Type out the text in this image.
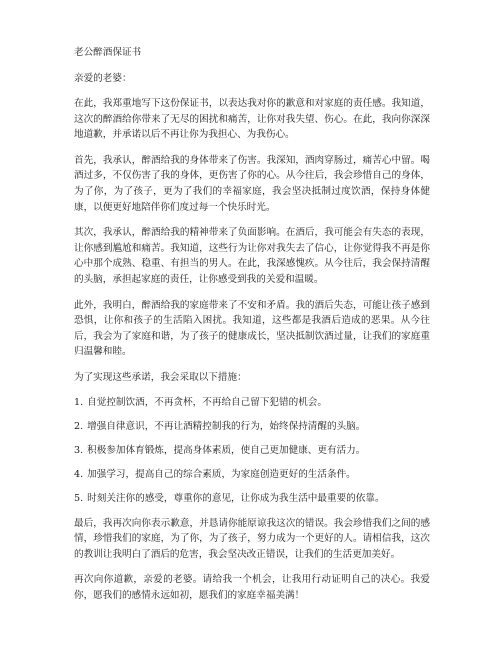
老公醉酒保证书
亲爱的老婆：

在此，我郑重地写下这份保证书，以表达我对你的歉意和对家庭的责任感。我知道，这次的醉酒给你带来了无尽的困扰和痛苦，让你对我失望、伤心。在此，我向你深深地道歉，并承诺以后不再让你为我担心、为我伤心。

首先，我承认，醉酒给我的身体带来了伤害。我深知，酒肉穿肠过，痛苦心中留。喝酒过多，不仅伤害了我的身体，更伤害了你的心。从今往后，我会珍惜自己的身体，为了你，为了孩子，更为了我们的幸福家庭，我会坚决抵制过度饮酒，保持身体健康，以便更好地陪伴你们度过每一个快乐时光。

其次，我承认，醉酒给我的精神带来了负面影响。在酒后，我可能会有失态的表现，让你感到尴尬和痛苦。我知道，这些行为让你对我失去了信心，让你觉得我不再是你心中那个成熟、稳重、有担当的男人。在此，我深感愧疚。从今往后，我会保持清醒的头脑，承担起家庭的责任，让你感受到我的关爱和温暖。

此外，我明白，醉酒给我的家庭带来了不安和矛盾。我的酒后失态，可能让孩子感到恐惧，让你和孩子的生活陷入困扰。我知道，这些都是我酒后造成的恶果。从今往后，我会为了家庭和谐，为了孩子的健康成长，坚决抵制饮酒过量，让我们的家庭重归温馨和睦。

为了实现这些承诺，我会采取以下措施：

1. 自觉控制饮酒，不再贪杯，不再给自己留下犯错的机会。
2. 增强自律意识，不再让酒精控制我的行为，始终保持清醒的头脑。
3. 积极参加体育锻炼，提高身体素质，使自己更加健康、更有活力。
4. 加强学习，提高自己的综合素质，为家庭创造更好的生活条件。
5. 时刻关注你的感受，尊重你的意见，让你成为我生活中最重要的依靠。

最后，我再次向你表示歉意，并恳请你能原谅我这次的错误。我会珍惜我们之间的感情，珍惜我们的家庭，为了你，为了孩子，努力成为一个更好的人。请相信我，这次的教训让我明白了酒后的危害，我会坚决改正错误，让我们的生活更加美好。

再次向你道歉，亲爱的老婆。请给我一个机会，让我用行动证明自己的决心。我爱你，愿我们的感情永远如初，愿我们的家庭幸福美满！
